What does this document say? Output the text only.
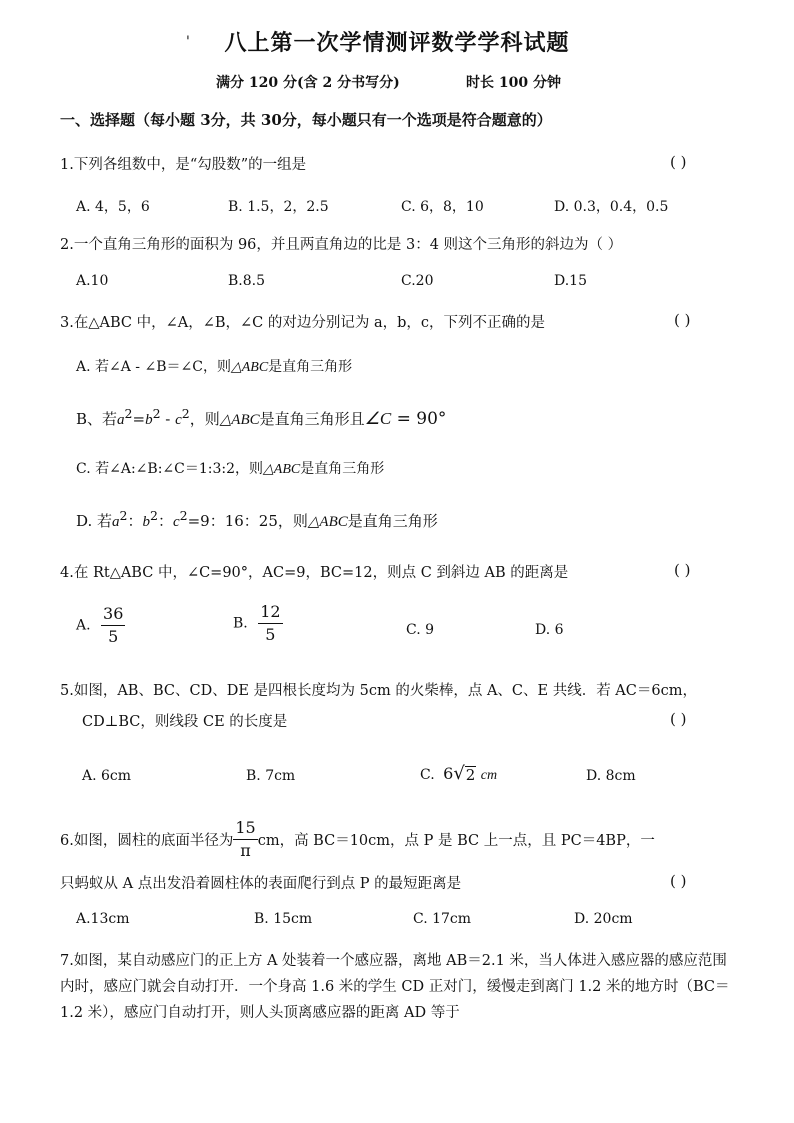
'	八上第一次学情测评数学学科试题
满分 120 分(含 2 分书写分)	时长 100 分钟
一、选择题（每小题 3分，共 30分，每小题只有一个选项是符合题意的）
1.下列各组数中，是“勾股数”的一组是	( )
A. 4，5，6	B. 1.5，2，2.5	C. 6，8，10	D. 0.3，0.4，0.5
2.一个直角三角形的面积为 96，并且两直角边的比是 3：4 则这个三角形的斜边为（ ）
A.10	B.8.5	C.20	D.15
3.在△ABC 中，∠A，∠B，∠C 的对边分别记为 a，b，c，下列不正确的是	( )
A. 若∠A - ∠B＝∠C，则△ABC是直角三角形
B、若$a^2=b^2 - c^2$，则△ABC是直角三角形且∠C = 90°
C. 若∠A:∠B:∠C＝1:3:2，则△ABC是直角三角形
D. 若$a^2$：$b^2$：$c^2=9$：16：25，则△ABC是直角三角形
4.在 Rt△ABC 中，∠C=90°，AC=9，BC=12，则点 C 到斜边 AB 的距离是	( )
A. $\frac{36}{5}$	B. $\frac{12}{5}$	C. 9	D. 6
5.如图，AB、BC、CD、DE 是四根长度均为 5cm 的火柴棒，点 A、C、E 共线．若 AC＝6cm，
CD⊥BC，则线段 CE 的长度是	( )
A. 6cm	B. 7cm	C. 6 √ 2 cm	D. 8cm
6.如图，圆柱的底面半径为 $\frac{15}{\pi}$ cm，高 BC＝10cm，点 P 是 BC 上一点，且 PC＝4BP，一
只蚂蚁从 A 点出发沿着圆柱体的表面爬行到点 P 的最短距离是	( )
A.13cm	B. 15cm	C. 17cm	D. 20cm
7.如图，某自动感应门的正上方 A 处装着一个感应器，离地 AB＝2.1 米，当人体进入感应器的感应范围内时，感应门就会自动打开．一个身高 1.6 米的学生 CD 正对门，缓慢走到离门 1.2 米的地方时（BC＝1.2 米），感应门自动打开，则人头顶离感应器的距离 AD 等于
